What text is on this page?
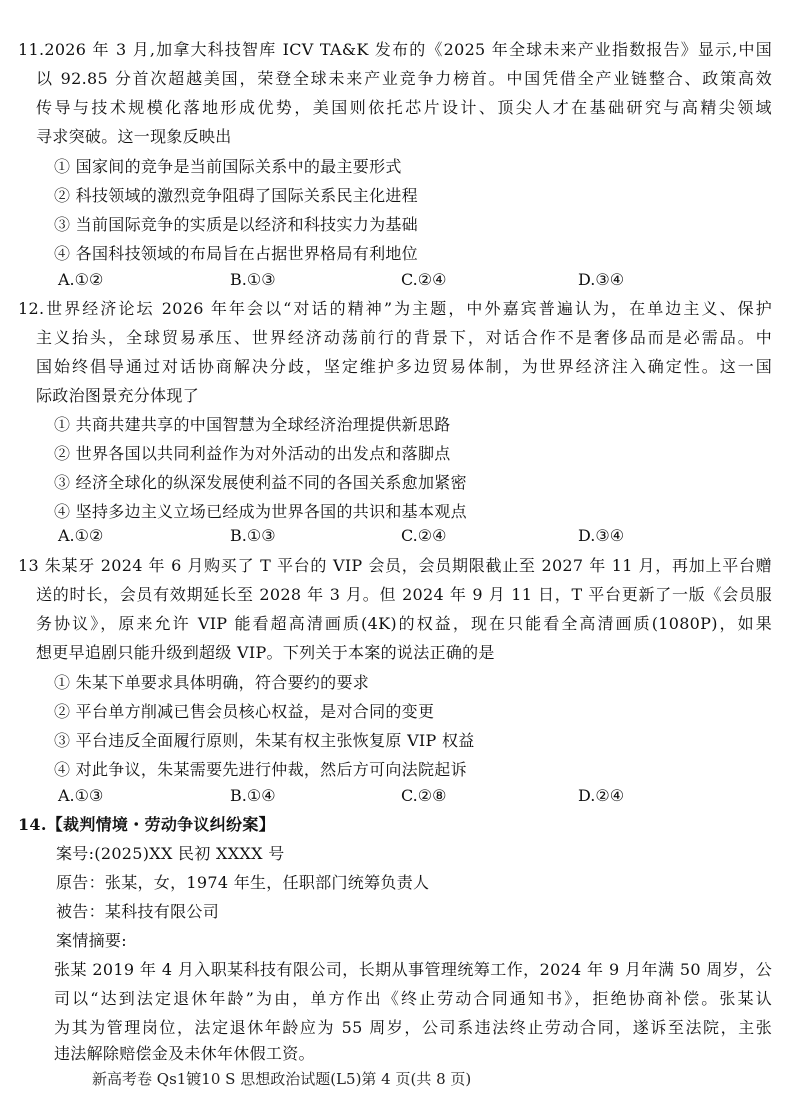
11.2026 年 3 月,加拿大科技智库 ICV TA&K 发布的《2025 年全球未来产业指数报告》显示,中国
以 92.85 分首次超越美国，荣登全球未来产业竞争力榜首。中国凭借全产业链整合、政策高效
传导与技术规模化落地形成优势，美国则依托芯片设计、顶尖人才在基础研究与高精尖领域
寻求突破。这一现象反映出
① 国家间的竞争是当前国际关系中的最主要形式
② 科技领域的激烈竞争阻碍了国际关系民主化进程
③ 当前国际竞争的实质是以经济和科技实力为基础
④ 各国科技领域的布局旨在占据世界格局有利地位
A.①②	B.①③	C.②④	D.③④
12.世界经济论坛 2026 年年会以“对话的精神”为主题，中外嘉宾普遍认为，在单边主义、保护
主义抬头，全球贸易承压、世界经济动荡前行的背景下，对话合作不是奢侈品而是必需品。中
国始终倡导通过对话协商解决分歧，坚定维护多边贸易体制，为世界经济注入确定性。这一国
际政治图景充分体现了
① 共商共建共享的中国智慧为全球经济治理提供新思路
② 世界各国以共同利益作为对外活动的出发点和落脚点
③ 经济全球化的纵深发展使利益不同的各国关系愈加紧密
④ 坚持多边主义立场已经成为世界各国的共识和基本观点
A.①②	B.①③	C.②④	D.③④
13 朱某牙 2024 年 6 月购买了 T 平台的 VIP 会员，会员期限截止至 2027 年 11 月，再加上平台赠
送的时长，会员有效期延长至 2028 年 3 月。但 2024 年 9 月 11 日，T 平台更新了一版《会员服
务协议》，原来允许 VIP 能看超高清画质(4K)的权益，现在只能看全高清画质(1080P)，如果
想更早追剧只能升级到超级 VIP。下列关于本案的说法正确的是
① 朱某下单要求具体明确，符合要约的要求
② 平台单方削减已售会员核心权益，是对合同的变更
③ 平台违反全面履行原则，朱某有权主张恢复原 VIP 权益
④ 对此争议，朱某需要先进行仲裁，然后方可向法院起诉
A.①③	B.①④	C.②⑧	D.②④
14.【裁判情境・劳动争议纠纷案】
案号:(2025)XX 民初 XXXX 号
原告：张某，女，1974 年生，任职部门统筹负责人
被告：某科技有限公司
案情摘要:
张某 2019 年 4 月入职某科技有限公司，长期从事管理统筹工作，2024 年 9 月年满 50 周岁，公
司以“达到法定退休年龄”为由，单方作出《终止劳动合同通知书》，拒绝协商补偿。张某认
为其为管理岗位，法定退休年龄应为 55 周岁，公司系违法终止劳动合同，遂诉至法院，主张
违法解除赔偿金及未休年休假工资。
新高考卷 Qs1镀10 S 思想政治试题(L5)第 4 页(共 8 页)
